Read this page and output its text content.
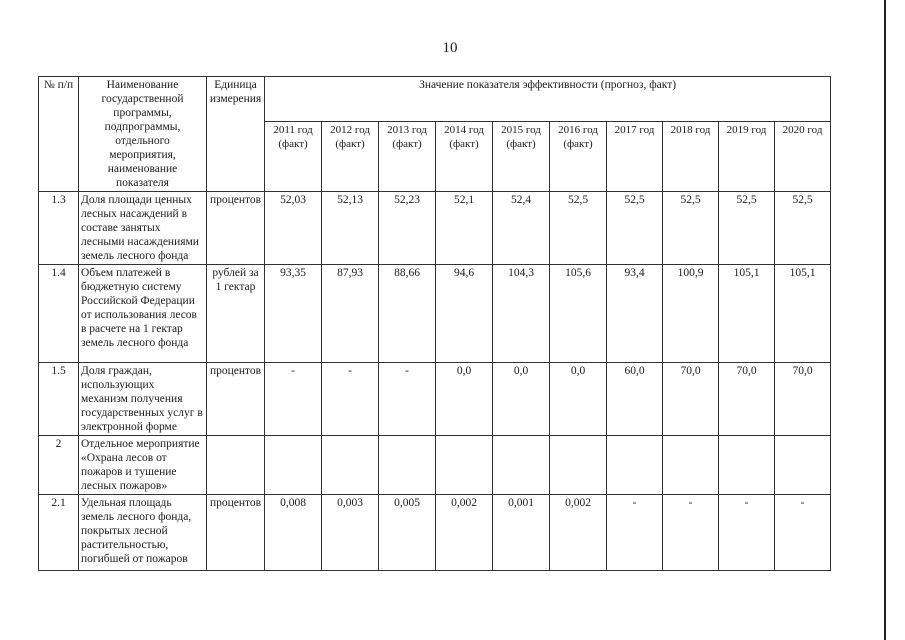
10
№ п/п	Наименование государственной программы, подпрограммы, отдельного мероприятия, наименование показателя	Единица измерения	Значение показателя эффективности (прогноз, факт)									
			2011 год (факт)	2012 год (факт)	2013 год (факт)	2014 год (факт)	2015 год (факт)	2016 год (факт)	2017 год	2018 год	2019 год	2020 год
1.3	Доля площади ценных лесных насаждений в составе занятых лесными насаждениями земель лесного фонда	процентов	52,03	52,13	52,23	52,1	52,4	52,5	52,5	52,5	52,5	52,5
1.4	Объем платежей в бюджетную систему Российской Федерации от использования лесов в расчете на 1 гектар земель лесного фонда	рублей за 1 гектар	93,35	87,93	88,66	94,6	104,3	105,6	93,4	100,9	105,1	105,1
1.5	Доля граждан, использующих механизм получения государственных услуг в электронной форме	процентов	-	-	-	0,0	0,0	0,0	60,0	70,0	70,0	70,0
2	Отдельное мероприятие «Охрана лесов от пожаров и тушение лесных пожаров»											
2.1	Удельная площадь земель лесного фонда, покрытых лесной растительностью, погибшей от пожаров	процентов	0,008	0,003	0,005	0,002	0,001	0,002	-	-	-	-
